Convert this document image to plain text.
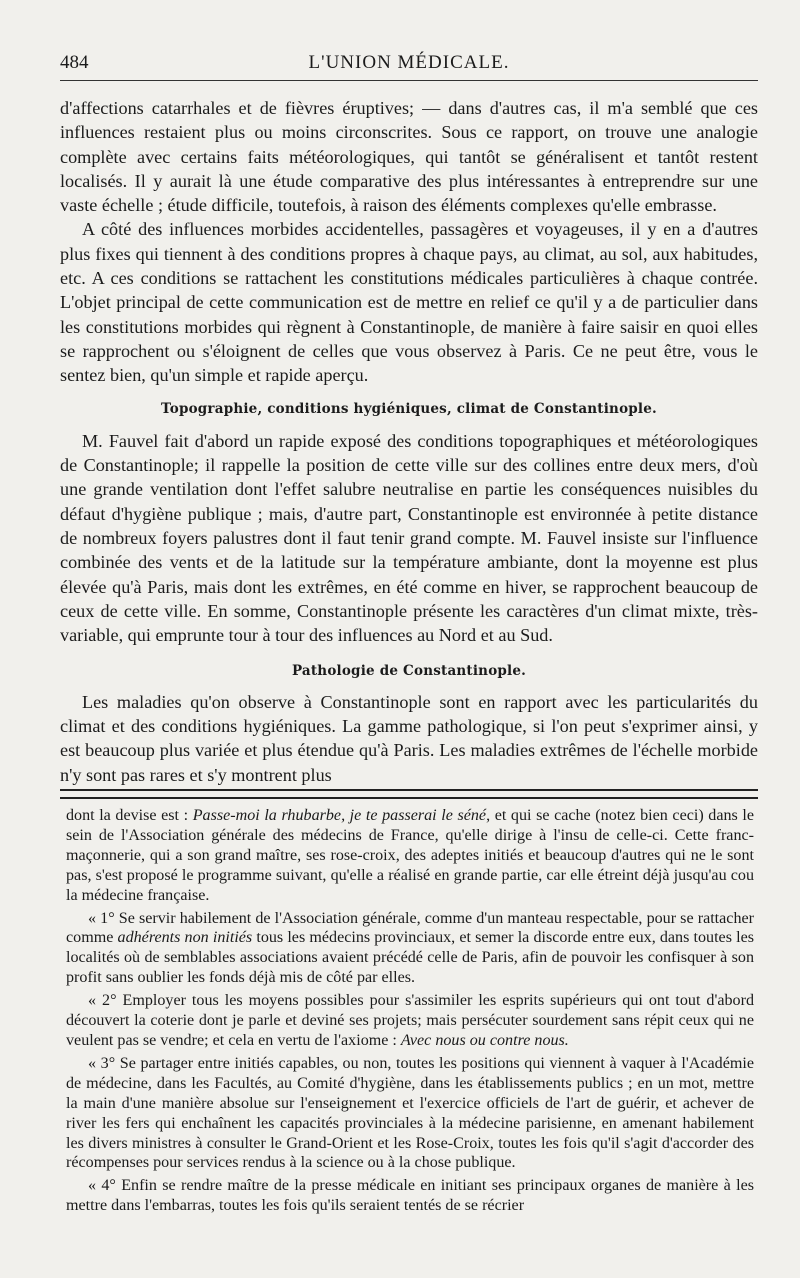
484	L'UNION MÉDICALE.

d'affections catarrhales et de fièvres éruptives; — dans d'autres cas, il m'a semblé que ces influences restaient plus ou moins circonscrites. Sous ce rapport, on trouve une analogie complète avec certains faits météorologiques, qui tantôt se généralisent et tantôt restent localisés. Il y aurait là une étude comparative des plus intéressantes à entreprendre sur une vaste échelle ; étude difficile, toutefois, à raison des éléments complexes qu'elle embrasse.

A côté des influences morbides accidentelles, passagères et voyageuses, il y en a d'autres plus fixes qui tiennent à des conditions propres à chaque pays, au climat, au sol, aux habitudes, etc. A ces conditions se rattachent les constitutions médicales particulières à chaque contrée. L'objet principal de cette communication est de mettre en relief ce qu'il y a de particulier dans les constitutions morbides qui règnent à Constantinople, de manière à faire saisir en quoi elles se rapprochent ou s'éloignent de celles que vous observez à Paris. Ce ne peut être, vous le sentez bien, qu'un simple et rapide aperçu.

Topographie, conditions hygiéniques, climat de Constantinople.

M. Fauvel fait d'abord un rapide exposé des conditions topographiques et météorologiques de Constantinople; il rappelle la position de cette ville sur des collines entre deux mers, d'où une grande ventilation dont l'effet salubre neutralise en partie les conséquences nuisibles du défaut d'hygiène publique ; mais, d'autre part, Constantinople est environnée à petite distance de nombreux foyers palustres dont il faut tenir grand compte. M. Fauvel insiste sur l'influence combinée des vents et de la latitude sur la température ambiante, dont la moyenne est plus élevée qu'à Paris, mais dont les extrêmes, en été comme en hiver, se rapprochent beaucoup de ceux de cette ville. En somme, Constantinople présente les caractères d'un climat mixte, très-variable, qui emprunte tour à tour des influences au Nord et au Sud.

Pathologie de Constantinople.

Les maladies qu'on observe à Constantinople sont en rapport avec les particularités du climat et des conditions hygiéniques. La gamme pathologique, si l'on peut s'exprimer ainsi, y est beaucoup plus variée et plus étendue qu'à Paris. Les maladies extrêmes de l'échelle morbide n'y sont pas rares et s'y montrent plus

dont la devise est : Passe-moi la rhubarbe, je te passerai le séné, et qui se cache (notez bien ceci) dans le sein de l'Association générale des médecins de France, qu'elle dirige à l'insu de celle-ci. Cette franc-maçonnerie, qui a son grand maître, ses rose-croix, des adeptes initiés et beaucoup d'autres qui ne le sont pas, s'est proposé le programme suivant, qu'elle a réalisé en grande partie, car elle étreint déjà jusqu'au cou la médecine française.

« 1° Se servir habilement de l'Association générale, comme d'un manteau respectable, pour se rattacher comme adhérents non initiés tous les médecins provinciaux, et semer la discorde entre eux, dans toutes les localités où de semblables associations avaient précédé celle de Paris, afin de pouvoir les confisquer à son profit sans oublier les fonds déjà mis de côté par elles.

« 2° Employer tous les moyens possibles pour s'assimiler les esprits supérieurs qui ont tout d'abord découvert la coterie dont je parle et deviné ses projets; mais persécuter sourdement sans répit ceux qui ne veulent pas se vendre; et cela en vertu de l'axiome : Avec nous ou contre nous.

« 3° Se partager entre initiés capables, ou non, toutes les positions qui viennent à vaquer à l'Académie de médecine, dans les Facultés, au Comité d'hygiène, dans les établissements publics ; en un mot, mettre la main d'une manière absolue sur l'enseignement et l'exercice officiels de l'art de guérir, et achever de river les fers qui enchaînent les capacités provinciales à la médecine parisienne, en amenant habilement les divers ministres à consulter le Grand-Orient et les Rose-Croix, toutes les fois qu'il s'agit d'accorder des récompenses pour services rendus à la science ou à la chose publique.

« 4° Enfin se rendre maître de la presse médicale en initiant ses principaux organes de manière à les mettre dans l'embarras, toutes les fois qu'ils seraient tentés de se récrier
